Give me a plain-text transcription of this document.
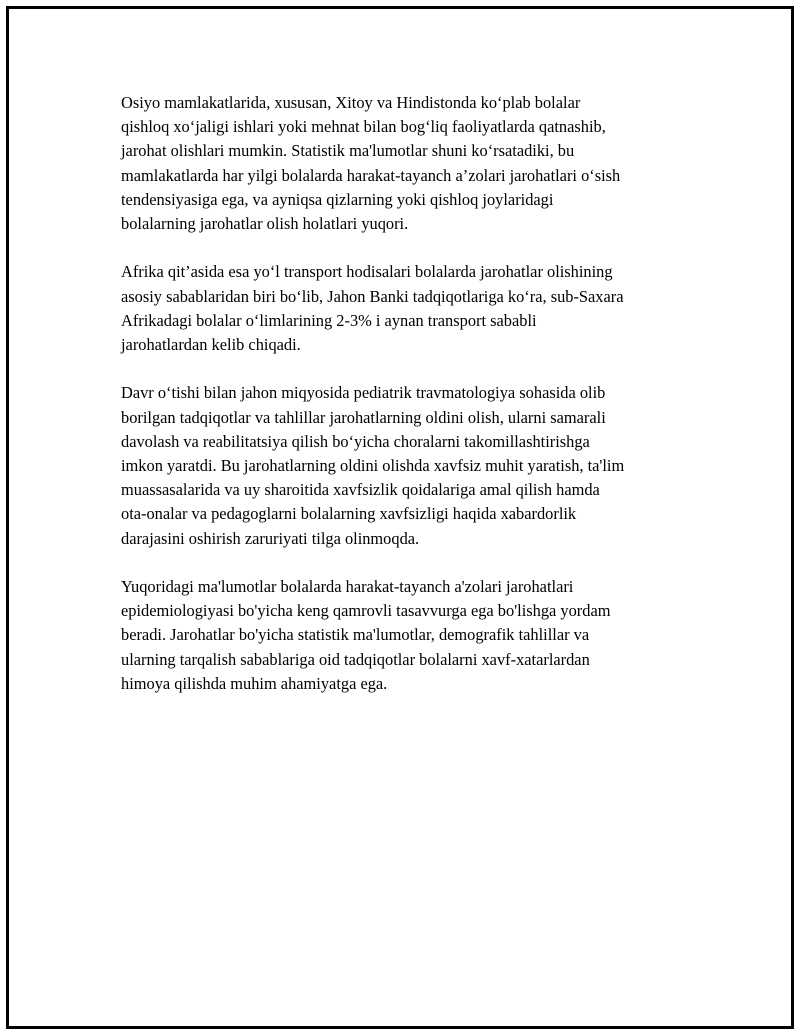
Osiyo mamlakatlarida, xususan, Xitoy va Hindistonda ko‘plab bolalar
qishloq xo‘jaligi ishlari yoki mehnat bilan bog‘liq faoliyatlarda qatnashib,
jarohat olishlari mumkin. Statistik ma'lumotlar shuni ko‘rsatadiki, bu
mamlakatlarda har yilgi bolalarda harakat-tayanch a’zolari jarohatlari o‘sish
tendensiyasiga ega, va ayniqsa qizlarning yoki qishloq joylaridagi
bolalarning jarohatlar olish holatlari yuqori.

Afrika qit’asida esa yo‘l transport hodisalari bolalarda jarohatlar olishining
asosiy sabablaridan biri bo‘lib, Jahon Banki tadqiqotlariga ko‘ra, sub-Saxara
Afrikadagi bolalar o‘limlarining 2-3% i aynan transport sababli
jarohatlardan kelib chiqadi.

Davr o‘tishi bilan jahon miqyosida pediatrik travmatologiya sohasida olib
borilgan tadqiqotlar va tahlillar jarohatlarning oldini olish, ularni samarali
davolash va reabilitatsiya qilish bo‘yicha choralarni takomillashtirishga
imkon yaratdi. Bu jarohatlarning oldini olishda xavfsiz muhit yaratish, ta'lim
muassasalarida va uy sharoitida xavfsizlik qoidalariga amal qilish hamda
ota-onalar va pedagoglarni bolalarning xavfsizligi haqida xabardorlik
darajasini oshirish zaruriyati tilga olinmoqda.

Yuqoridagi ma'lumotlar bolalarda harakat-tayanch a'zolari jarohatlari
epidemiologiyasi bo'yicha keng qamrovli tasavvurga ega bo'lishga yordam
beradi. Jarohatlar bo'yicha statistik ma'lumotlar, demografik tahlillar va
ularning tarqalish sabablariga oid tadqiqotlar bolalarni xavf-xatarlardan
himoya qilishda muhim ahamiyatga ega.
